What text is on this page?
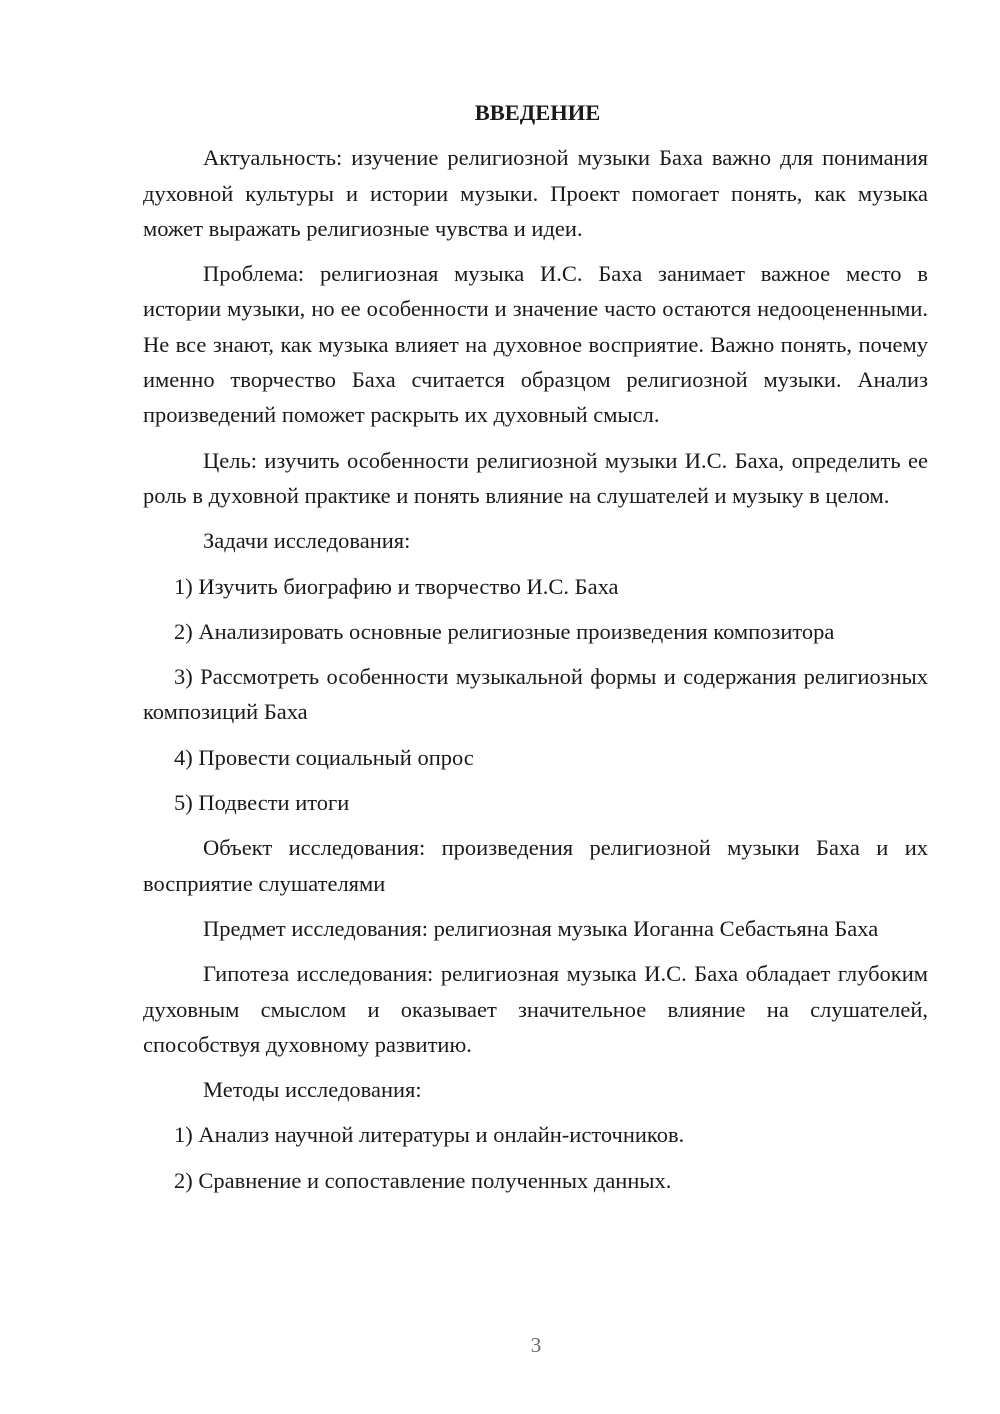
ВВЕДЕНИЕ

Актуальность: изучение религиозной музыки Баха важно для понимания духовной культуры и истории музыки. Проект помогает понять, как музыка может выражать религиозные чувства и идеи.

Проблема: религиозная музыка И.С. Баха занимает важное место в истории музыки, но ее особенности и значение часто остаются недооцененными. Не все знают, как музыка влияет на духовное восприятие. Важно понять, почему именно творчество Баха считается образцом религиозной музыки. Анализ произведений поможет раскрыть их духовный смысл.

Цель: изучить особенности религиозной музыки И.С. Баха, определить ее роль в духовной практике и понять влияние на слушателей и музыку в целом.

Задачи исследования:

1) Изучить биографию и творчество И.С. Баха

2) Анализировать основные религиозные произведения композитора

3) Рассмотреть особенности музыкальной формы и содержания религиозных композиций Баха

4) Провести социальный опрос

5) Подвести итоги

Объект исследования: произведения религиозной музыки Баха и их восприятие слушателями

Предмет исследования: религиозная музыка Иоганна Себастьяна Баха

Гипотеза исследования: религиозная музыка И.С. Баха обладает глубоким духовным смыслом и оказывает значительное влияние на слушателей, способствуя духовному развитию.

Методы исследования:

1) Анализ научной литературы и онлайн-источников.

2) Сравнение и сопоставление полученных данных.

3
